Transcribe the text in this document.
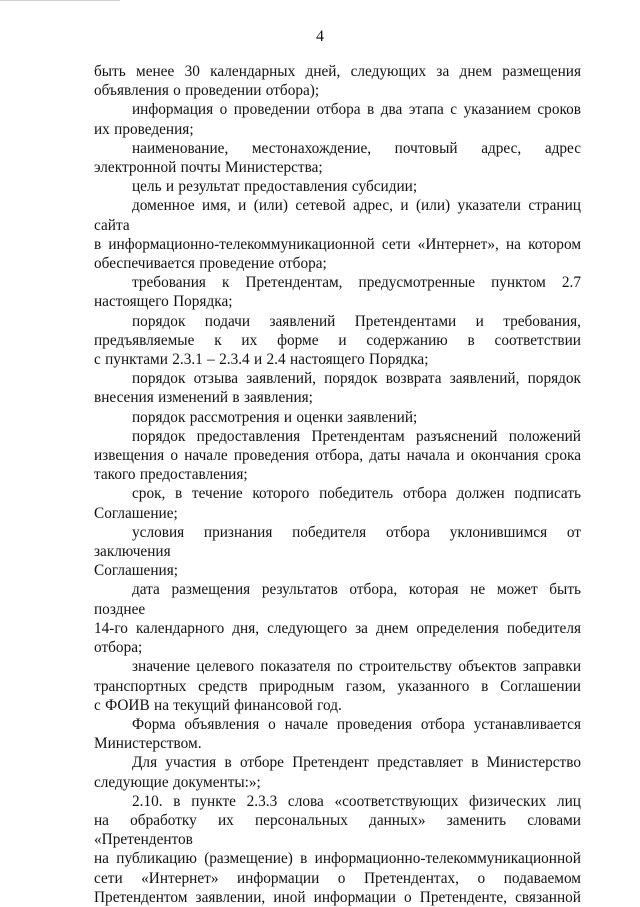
4

быть менее 30 календарных дней, следующих за днем размещения

объявления о проведении отбора);

информация о проведении отбора в два этапа с указанием сроков

их проведения;

наименование, местонахождение, почтовый адрес, адрес

электронной почты Министерства;

цель и результат предоставления субсидии;

доменное имя, и (или) сетевой адрес, и (или) указатели страниц сайта

в информационно-телекоммуникационной сети «Интернет», на котором

обеспечивается проведение отбора;

требования к Претендентам, предусмотренные пунктом 2.7

настоящего Порядка;

порядок подачи заявлений Претендентами и требования,

предъявляемые к их форме и содержанию в соответствии

с пунктами 2.3.1 – 2.3.4 и 2.4 настоящего Порядка;

порядок отзыва заявлений, порядок возврата заявлений, порядок

внесения изменений в заявления;

порядок рассмотрения и оценки заявлений;

порядок предоставления Претендентам разъяснений положений

извещения о начале проведения отбора, даты начала и окончания срока

такого предоставления;

срок, в течение которого победитель отбора должен подписать

Соглашение;

условия признания победителя отбора уклонившимся от заключения

Соглашения;

дата размещения результатов отбора, которая не может быть позднее

14-го календарного дня, следующего за днем определения победителя

отбора;

значение целевого показателя по строительству объектов заправки

транспортных средств природным газом, указанного в Соглашении

с ФОИВ на текущий финансовой год.

Форма объявления о начале проведения отбора устанавливается

Министерством.

Для участия в отборе Претендент представляет в Министерство

следующие документы:»;

2.10. в пункте 2.3.3 слова «соответствующих физических лиц

на обработку их персональных данных» заменить словами «Претендентов

на публикацию (размещение) в информационно-телекоммуникационной

сети «Интернет» информации о Претендентах, о подаваемом

Претендентом заявлении, иной информации о Претенденте, связанной
